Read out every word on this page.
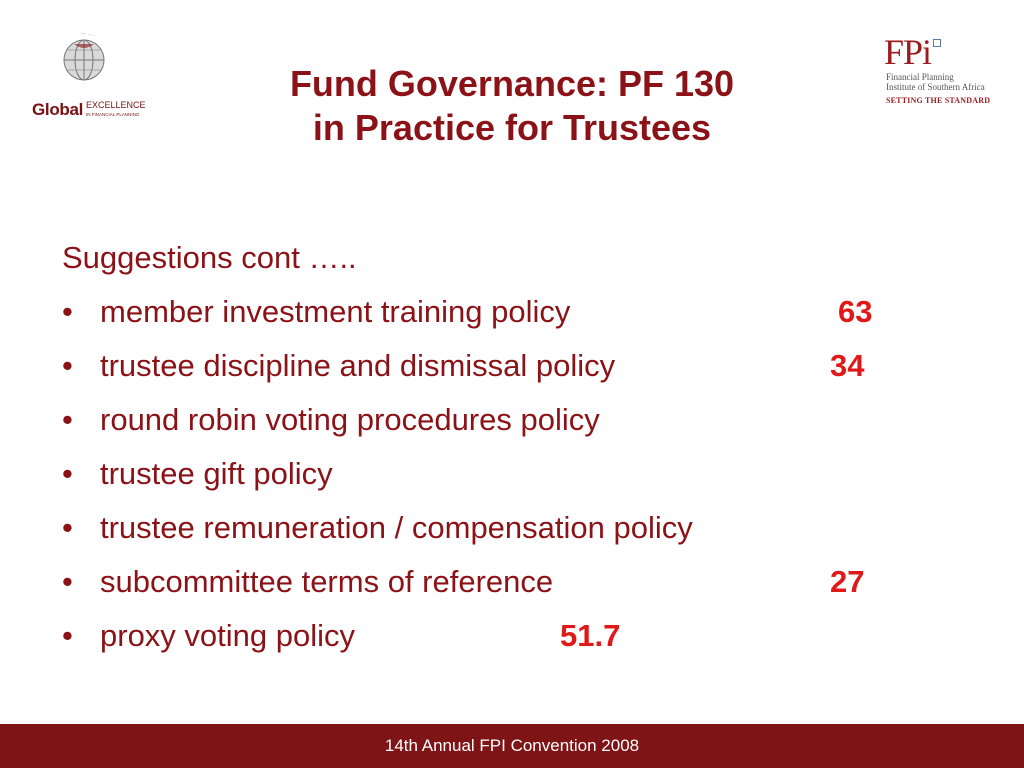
Global EXCELLENCE
IN FINANCIAL PLANNING
FPi
Financial Planning
Institute of Southern Africa
SETTING THE STANDARD
Fund Governance: PF 130
in Practice for Trustees
Suggestions cont …..
• member investment training policy	63
• trustee discipline and dismissal policy	34
• round robin voting procedures policy
• trustee gift policy
• trustee remuneration / compensation policy
• subcommittee terms of reference	27
• proxy voting policy	51.7
14th Annual FPI Convention 2008
